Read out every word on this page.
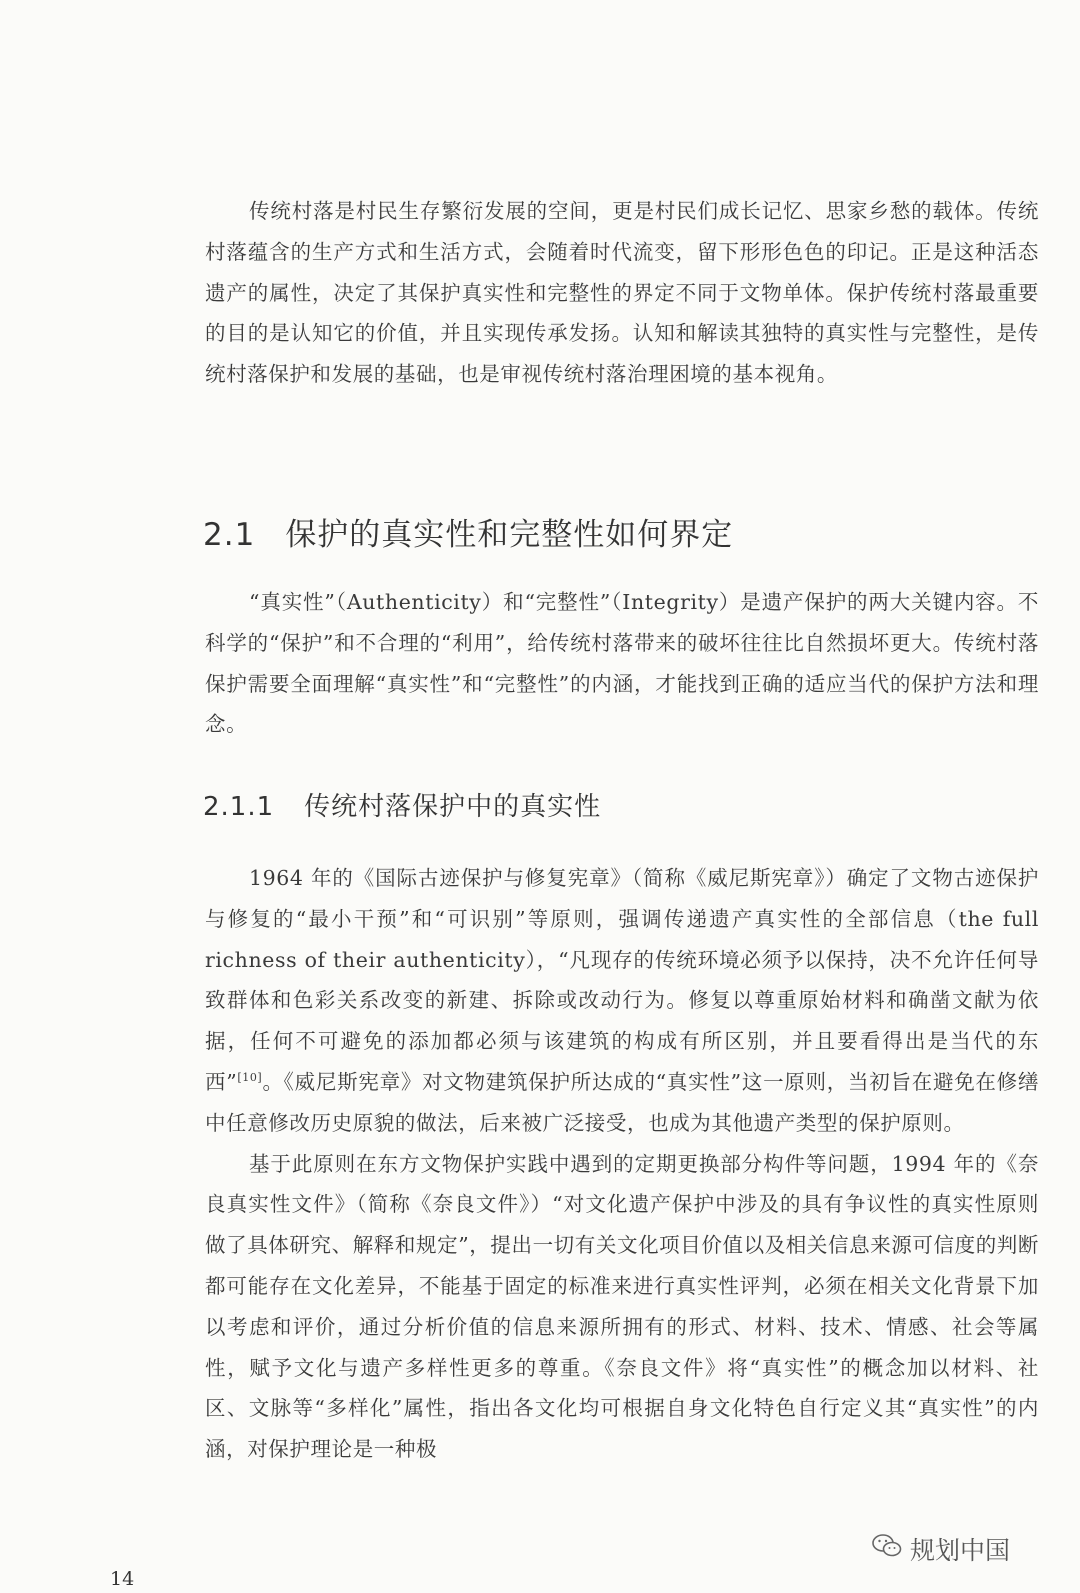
传统村落是村民生存繁衍发展的空间，更是村民们成长记忆、思家乡愁的载体。传统村落蕴含的生产方式和生活方式，会随着时代流变，留下形形色色的印记。正是这种活态遗产的属性，决定了其保护真实性和完整性的界定不同于文物单体。保护传统村落最重要的目的是认知它的价值，并且实现传承发扬。认知和解读其独特的真实性与完整性，是传统村落保护和发展的基础，也是审视传统村落治理困境的基本视角。

2.1 保护的真实性和完整性如何界定

“真实性”（Authenticity）和“完整性”（Integrity）是遗产保护的两大关键内容。不科学的“保护”和不合理的“利用”，给传统村落带来的破坏往往比自然损坏更大。传统村落保护需要全面理解“真实性”和“完整性”的内涵，才能找到正确的适应当代的保护方法和理念。

2.1.1 传统村落保护中的真实性

1964 年的《国际古迹保护与修复宪章》（简称《威尼斯宪章》）确定了文物古迹保护与修复的“最小干预”和“可识别”等原则，强调传递遗产真实性的全部信息（the full richness of their authenticity），“凡现存的传统环境必须予以保持，决不允许任何导致群体和色彩关系改变的新建、拆除或改动行为。修复以尊重原始材料和确凿文献为依据，任何不可避免的添加都必须与该建筑的构成有所区别，并且要看得出是当代的东西”[10]。《威尼斯宪章》对文物建筑保护所达成的“真实性”这一原则，当初旨在避免在修缮中任意修改历史原貌的做法，后来被广泛接受，也成为其他遗产类型的保护原则。

基于此原则在东方文物保护实践中遇到的定期更换部分构件等问题，1994 年的《奈良真实性文件》（简称《奈良文件》）“对文化遗产保护中涉及的具有争议性的真实性原则做了具体研究、解释和规定”，提出一切有关文化项目价值以及相关信息来源可信度的判断都可能存在文化差异，不能基于固定的标准来进行真实性评判，必须在相关文化背景下加以考虑和评价，通过分析价值的信息来源所拥有的形式、材料、技术、情感、社会等属性，赋予文化与遗产多样性更多的尊重。《奈良文件》将“真实性”的概念加以材料、社区、文脉等“多样化”属性，指出各文化均可根据自身文化特色自行定义其“真实性”的内涵，对保护理论是一种极

14
规划中国
